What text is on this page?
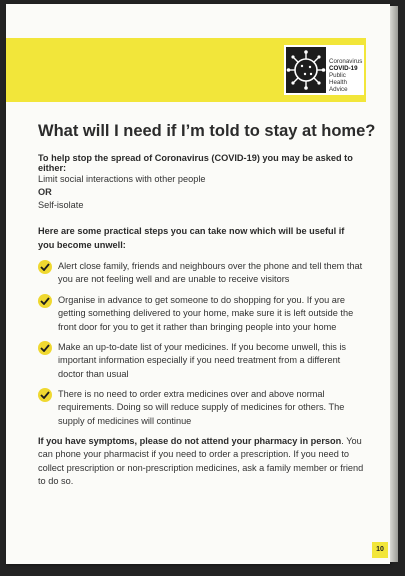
Coronavirus
COVID-19
Public Health
Advice
What will I need if I’m told to stay at home?
To help stop the spread of Coronavirus (COVID-19) you may be asked to either:
Limit social interactions with other people
OR
Self-isolate
Here are some practical steps you can take now which will be useful if you become unwell:
Alert close family, friends and neighbours over the phone and tell them that you are not feeling well and are unable to receive visitors
Organise in advance to get someone to do shopping for you. If you are getting something delivered to your home, make sure it is left outside the front door for you to get it rather than bringing people into your home
Make an up-to-date list of your medicines. If you become unwell, this is important information especially if you need treatment from a different doctor than usual
There is no need to order extra medicines over and above normal requirements. Doing so will reduce supply of medicines for others. The supply of medicines will continue
If you have symptoms, please do not attend your pharmacy in person. You can phone your pharmacist if you need to order a prescription. If you need to collect prescription or non-prescription medicines, ask a family member or friend to do so.
10
